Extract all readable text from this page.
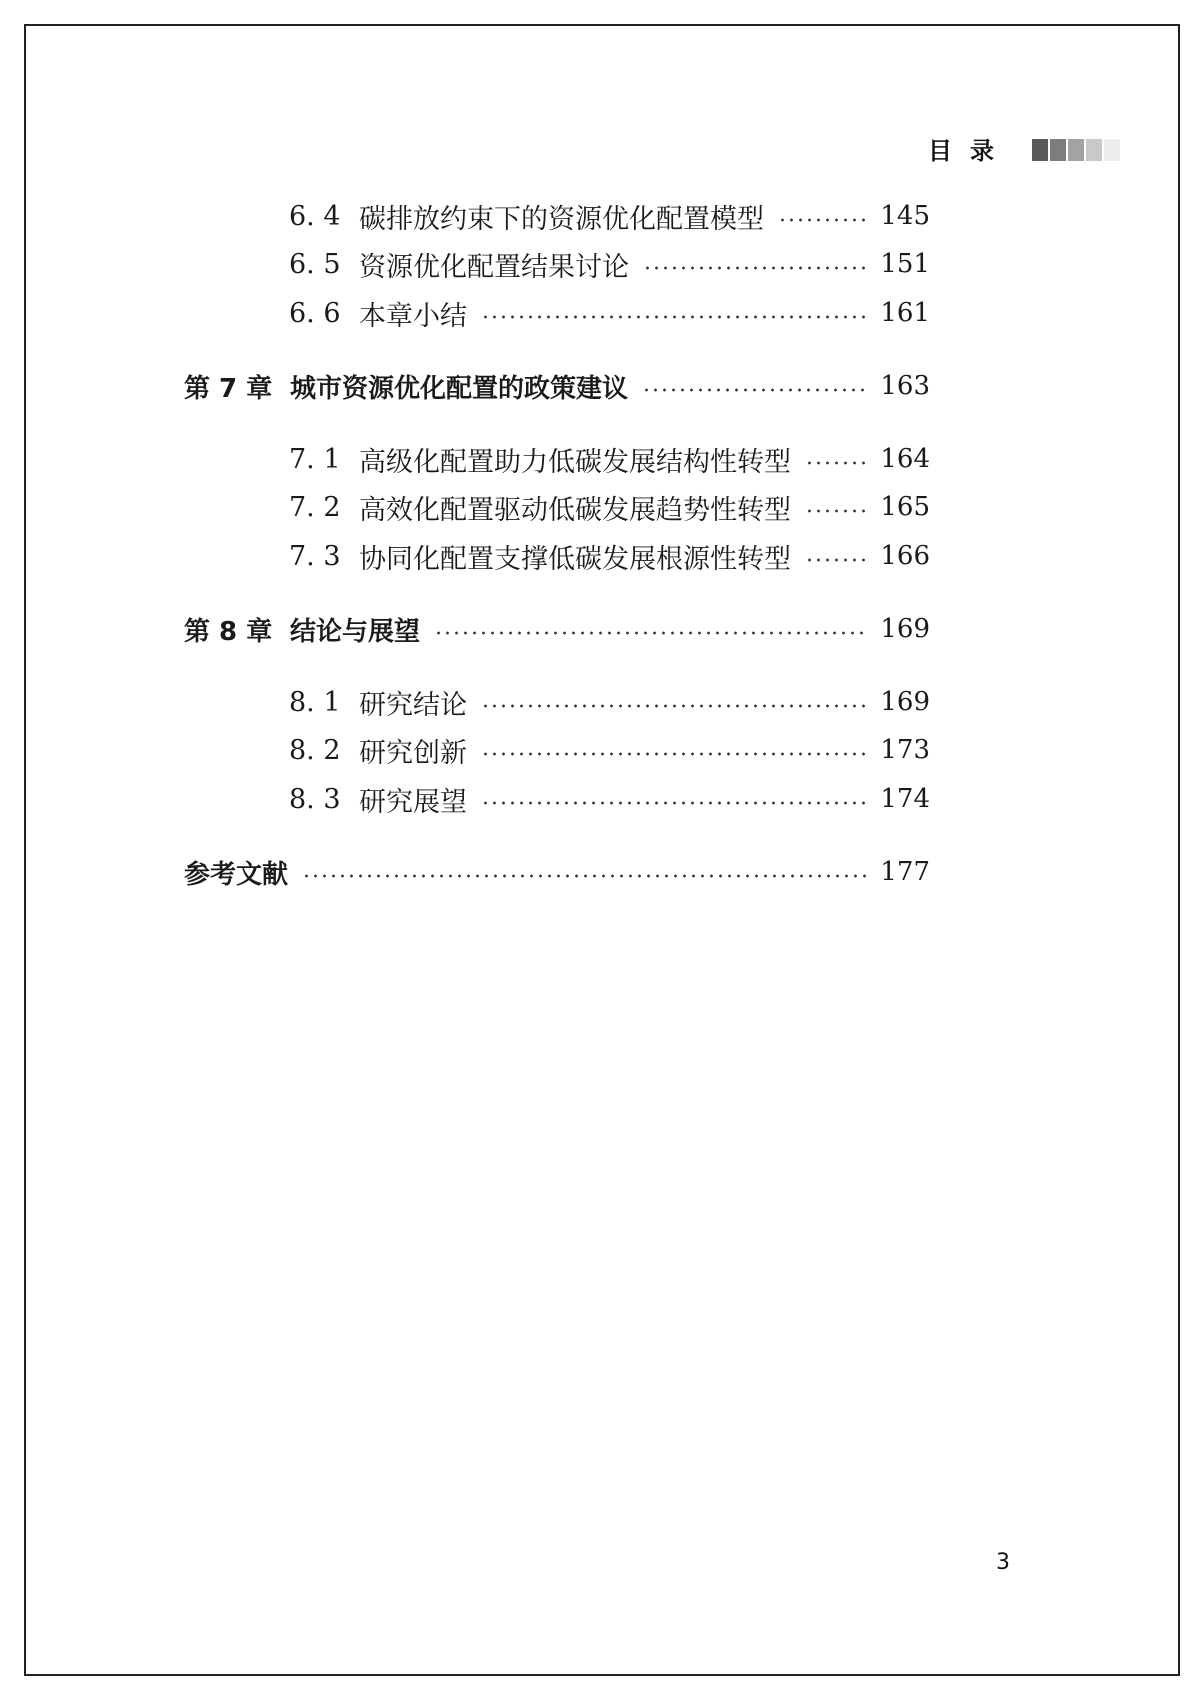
目录
6. 4 碳排放约束下的资源优化配置模型	145
6. 5 资源优化配置结果讨论	151
6. 6 本章小结	161
第 7 章 城市资源优化配置的政策建议	163
7. 1 高级化配置助力低碳发展结构性转型	164
7. 2 高效化配置驱动低碳发展趋势性转型	165
7. 3 协同化配置支撑低碳发展根源性转型	166
第 8 章 结论与展望	169
8. 1 研究结论	169
8. 2 研究创新	173
8. 3 研究展望	174
参考文献	177
3
